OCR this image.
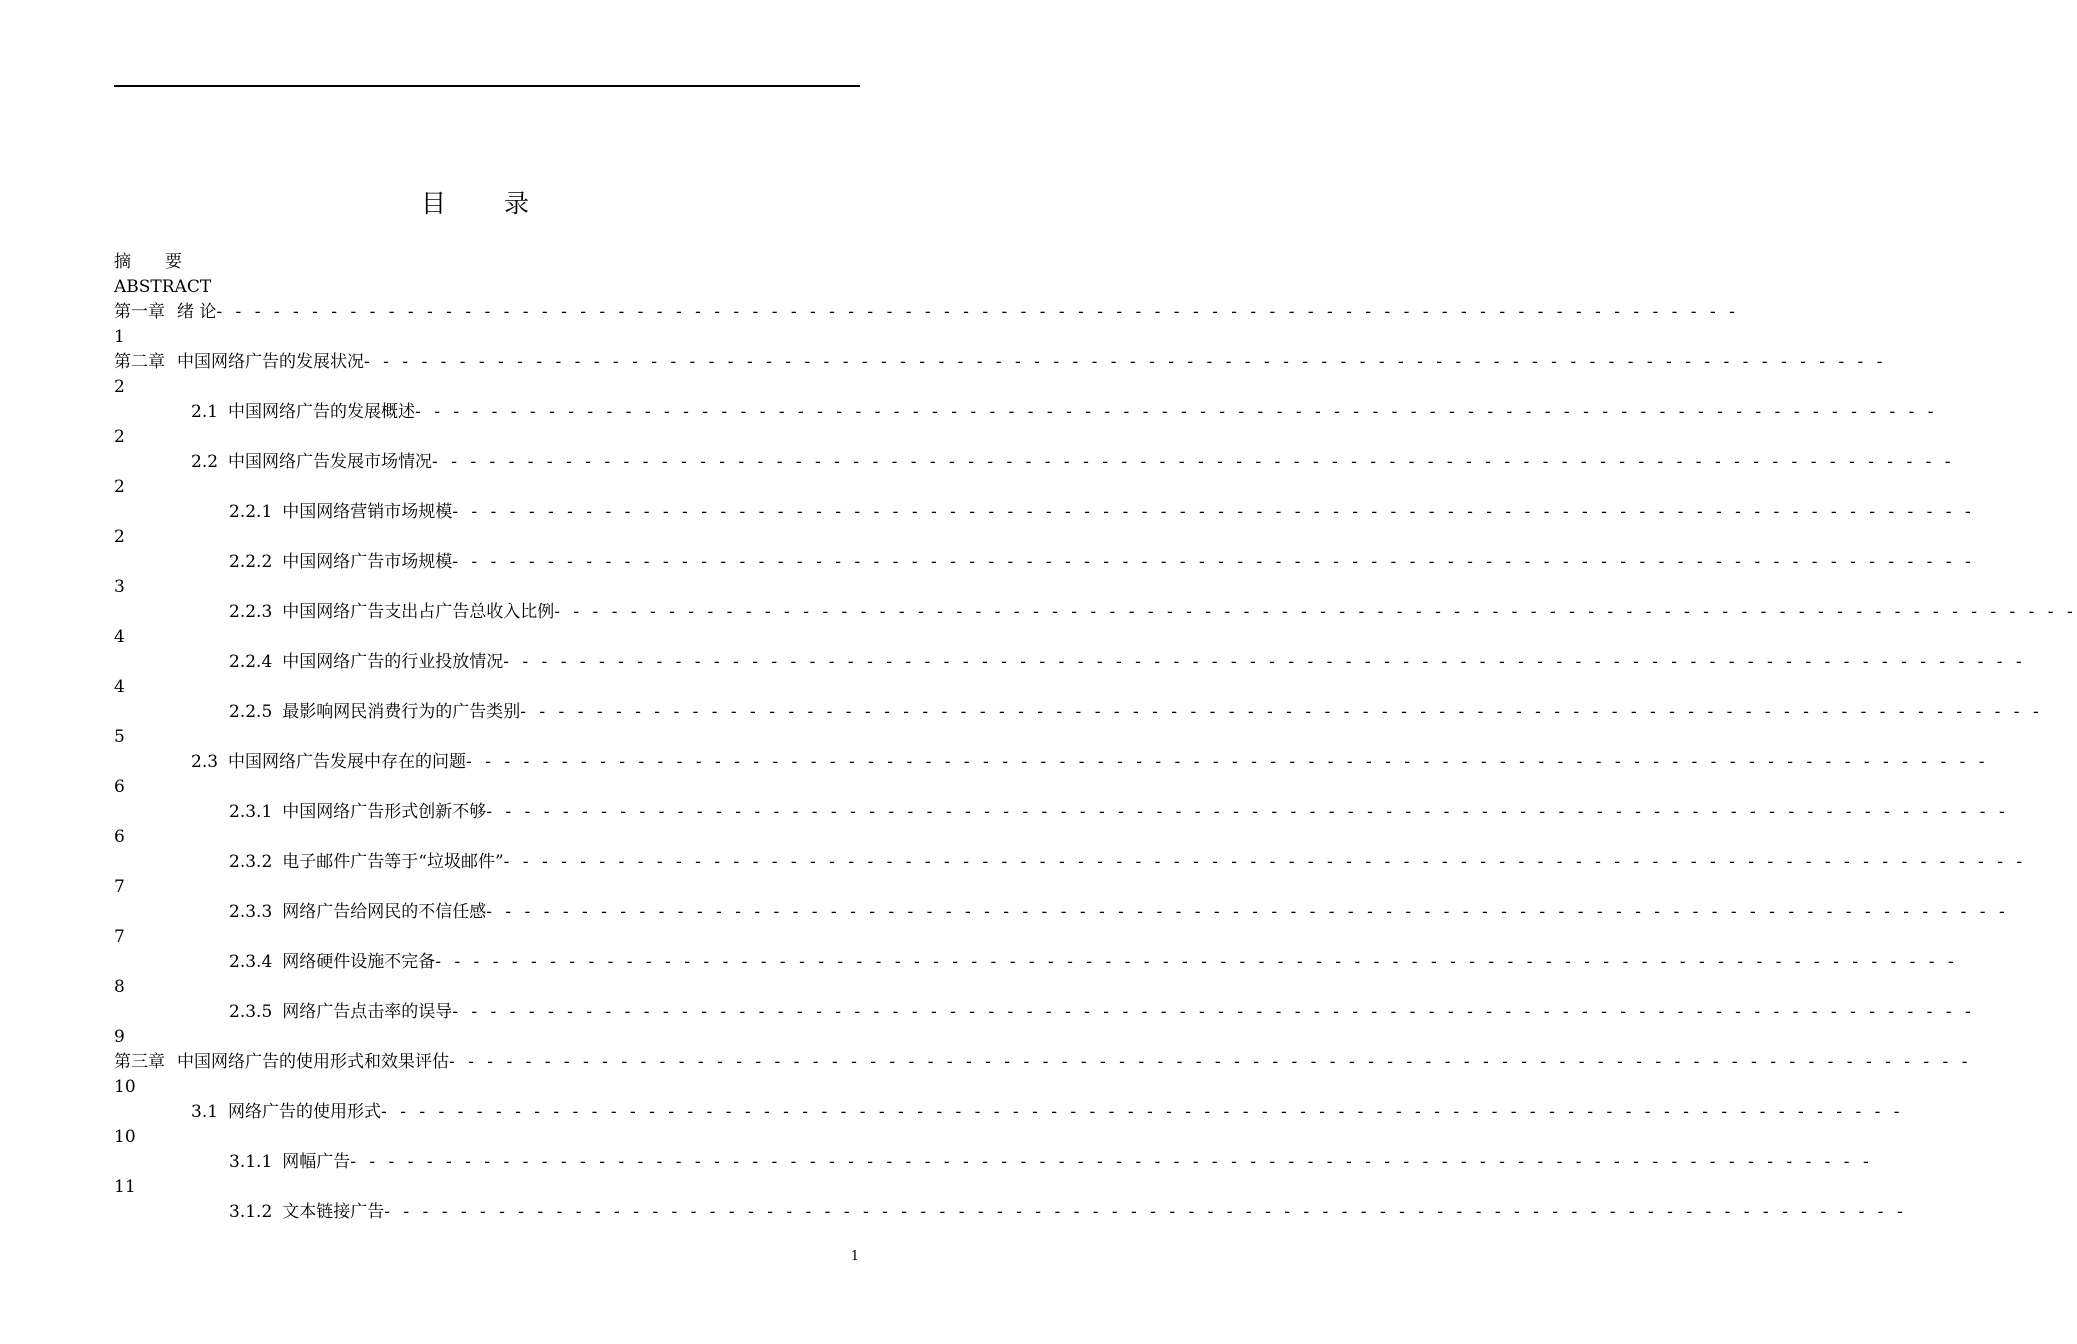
目 录
摘　　要
ABSTRACT
第一章 绪 论 - - - - - - - - - - - - - - - - - - - - - - - - - - - - - - - - - - - - - - - - - - - - - - - - - - - - - - - - - - - - - - - - - - - - - - - - - - - - - - - -
1
第二章 中国网络广告的发展状况 - - - - - - - - - - - - - - - - - - - - - - - - - - - - - - - - - - - - - - - - - - - - - - - - - - - - - - - - - - - - - - - - - - - - - - - - - - - - - - - -
2
2.1 中国网络广告的发展概述 - - - - - - - - - - - - - - - - - - - - - - - - - - - - - - - - - - - - - - - - - - - - - - - - - - - - - - - - - - - - - - - - - - - - - - - - - - - - - - - -
2
2.2 中国网络广告发展市场情况 - - - - - - - - - - - - - - - - - - - - - - - - - - - - - - - - - - - - - - - - - - - - - - - - - - - - - - - - - - - - - - - - - - - - - - - - - - - - - - - -
2
2.2.1 中国网络营销市场规模 - - - - - - - - - - - - - - - - - - - - - - - - - - - - - - - - - - - - - - - - - - - - - - - - - - - - - - - - - - - - - - - - - - - - - - - - - - - - - - - -
2
2.2.2 中国网络广告市场规模 - - - - - - - - - - - - - - - - - - - - - - - - - - - - - - - - - - - - - - - - - - - - - - - - - - - - - - - - - - - - - - - - - - - - - - - - - - - - - - - -
3
2.2.3 中国网络广告支出占广告总收入比例 - - - - - - - - - - - - - - - - - - - - - - - - - - - - - - - - - - - - - - - - - - - - - - - - - - - - - - - - - - - - - - - - - - - - - - - - - - - - - - - -
4
2.2.4 中国网络广告的行业投放情况 - - - - - - - - - - - - - - - - - - - - - - - - - - - - - - - - - - - - - - - - - - - - - - - - - - - - - - - - - - - - - - - - - - - - - - - - - - - - - - - -
4
2.2.5 最影响网民消费行为的广告类别 - - - - - - - - - - - - - - - - - - - - - - - - - - - - - - - - - - - - - - - - - - - - - - - - - - - - - - - - - - - - - - - - - - - - - - - - - - - - - - - -
5
2.3 中国网络广告发展中存在的问题 - - - - - - - - - - - - - - - - - - - - - - - - - - - - - - - - - - - - - - - - - - - - - - - - - - - - - - - - - - - - - - - - - - - - - - - - - - - - - - - -
6
2.3.1 中国网络广告形式创新不够 - - - - - - - - - - - - - - - - - - - - - - - - - - - - - - - - - - - - - - - - - - - - - - - - - - - - - - - - - - - - - - - - - - - - - - - - - - - - - - - -
6
2.3.2 电子邮件广告等于“垃圾邮件” - - - - - - - - - - - - - - - - - - - - - - - - - - - - - - - - - - - - - - - - - - - - - - - - - - - - - - - - - - - - - - - - - - - - - - - - - - - - - - - -
7
2.3.3 网络广告给网民的不信任感 - - - - - - - - - - - - - - - - - - - - - - - - - - - - - - - - - - - - - - - - - - - - - - - - - - - - - - - - - - - - - - - - - - - - - - - - - - - - - - - -
7
2.3.4 网络硬件设施不完备 - - - - - - - - - - - - - - - - - - - - - - - - - - - - - - - - - - - - - - - - - - - - - - - - - - - - - - - - - - - - - - - - - - - - - - - - - - - - - - - -
8
2.3.5 网络广告点击率的误导 - - - - - - - - - - - - - - - - - - - - - - - - - - - - - - - - - - - - - - - - - - - - - - - - - - - - - - - - - - - - - - - - - - - - - - - - - - - - - - - -
9
第三章 中国网络广告的使用形式和效果评估 - - - - - - - - - - - - - - - - - - - - - - - - - - - - - - - - - - - - - - - - - - - - - - - - - - - - - - - - - - - - - - - - - - - - - - - - - - - - - - - -
10
3.1 网络广告的使用形式 - - - - - - - - - - - - - - - - - - - - - - - - - - - - - - - - - - - - - - - - - - - - - - - - - - - - - - - - - - - - - - - - - - - - - - - - - - - - - - - -
10
3.1.1 网幅广告 - - - - - - - - - - - - - - - - - - - - - - - - - - - - - - - - - - - - - - - - - - - - - - - - - - - - - - - - - - - - - - - - - - - - - - - - - - - - - - - -
11
3.1.2 文本链接广告 - - - - - - - - - - - - - - - - - - - - - - - - - - - - - - - - - - - - - - - - - - - - - - - - - - - - - - - - - - - - - - - - - - - - - - - - - - - - - - - -
1
